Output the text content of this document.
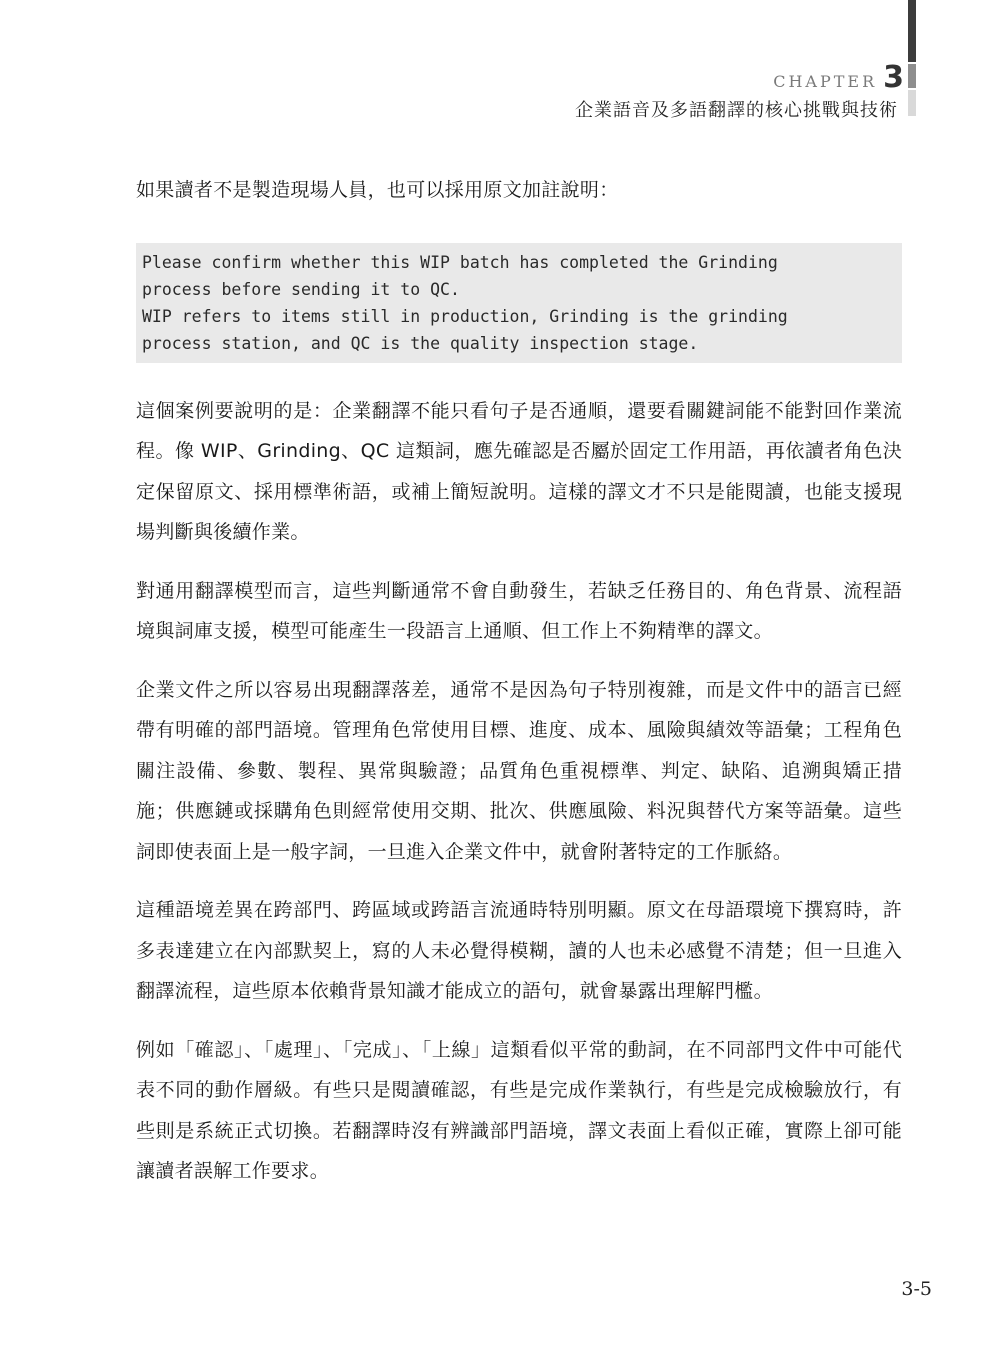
CHAPTER 3
企業語音及多語翻譯的核心挑戰與技術

如果讀者不是製造現場人員，也可以採用原文加註說明：

Please confirm whether this WIP batch has completed the Grinding
process before sending it to QC.
WIP refers to items still in production, Grinding is the grinding
process station, and QC is the quality inspection stage.

這個案例要說明的是：企業翻譯不能只看句子是否通順，還要看關鍵詞能不能對回作業流程。像 WIP、Grinding、QC 這類詞，應先確認是否屬於固定工作用語，再依讀者角色決定保留原文、採用標準術語，或補上簡短說明。這樣的譯文才不只是能閱讀，也能支援現場判斷與後續作業。

對通用翻譯模型而言，這些判斷通常不會自動發生，若缺乏任務目的、角色背景、流程語境與詞庫支援，模型可能產生一段語言上通順、但工作上不夠精準的譯文。

企業文件之所以容易出現翻譯落差，通常不是因為句子特別複雜，而是文件中的語言已經帶有明確的部門語境。管理角色常使用目標、進度、成本、風險與績效等語彙；工程角色關注設備、參數、製程、異常與驗證；品質角色重視標準、判定、缺陷、追溯與矯正措施；供應鏈或採購角色則經常使用交期、批次、供應風險、料況與替代方案等語彙。這些詞即使表面上是一般字詞，一旦進入企業文件中，就會附著特定的工作脈絡。

這種語境差異在跨部門、跨區域或跨語言流通時特別明顯。原文在母語環境下撰寫時，許多表達建立在內部默契上，寫的人未必覺得模糊，讀的人也未必感覺不清楚；但一旦進入翻譯流程，這些原本依賴背景知識才能成立的語句，就會暴露出理解門檻。

例如「確認」、「處理」、「完成」、「上線」這類看似平常的動詞，在不同部門文件中可能代表不同的動作層級。有些只是閱讀確認，有些是完成作業執行，有些是完成檢驗放行，有些則是系統正式切換。若翻譯時沒有辨識部門語境，譯文表面上看似正確，實際上卻可能讓讀者誤解工作要求。

3-5
